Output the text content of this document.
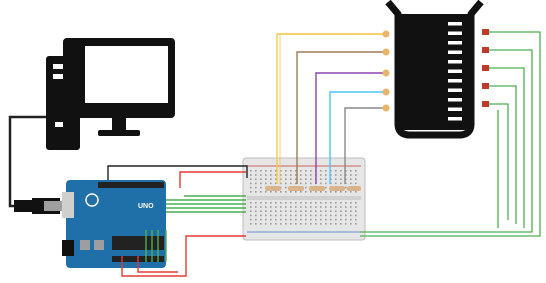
UNO
